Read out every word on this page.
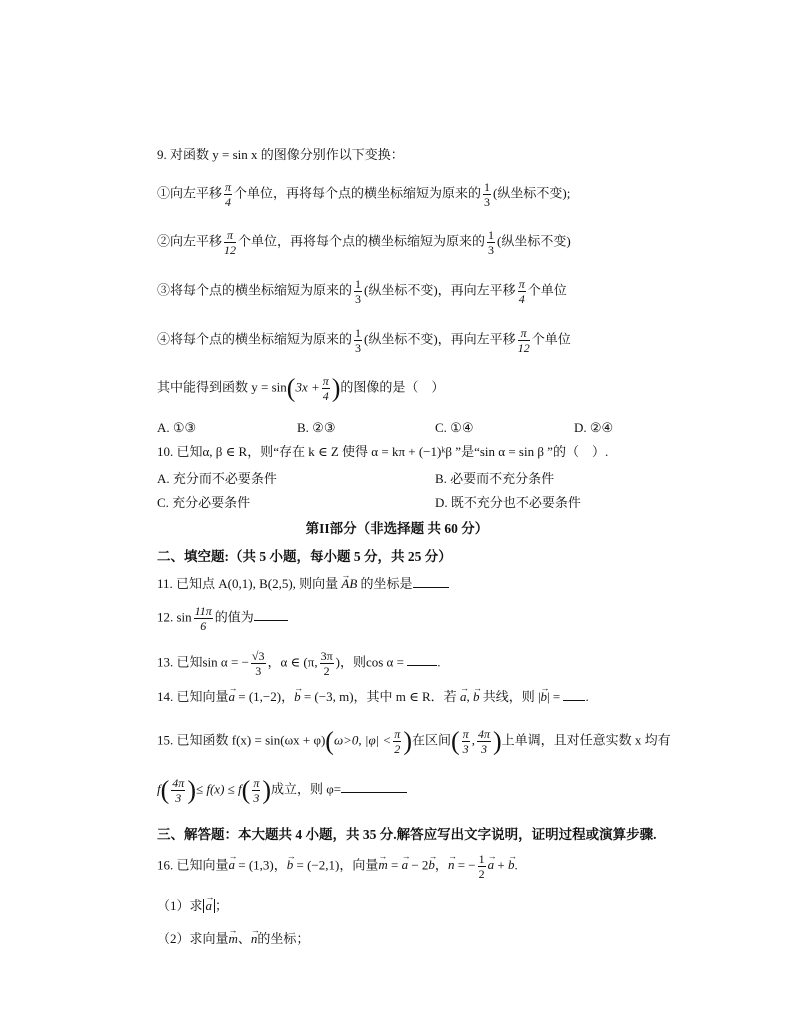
9. 对函数 y = sin x 的图像分别作以下变换：
①向左平移 $\frac{\pi}{4}$ 个单位，再将每个点的横坐标缩短为原来的 $\frac{1}{3}$ (纵坐标不变);
②向左平移 $\frac{\pi}{12}$ 个单位，再将每个点的横坐标缩短为原来的 $\frac{1}{3}$ (纵坐标不变)
③将每个点的横坐标缩短为原来的 $\frac{1}{3}$ (纵坐标不变)，再向左平移 $\frac{\pi}{4}$ 个单位
④将每个点的横坐标缩短为原来的 $\frac{1}{3}$ (纵坐标不变)，再向左平移 $\frac{\pi}{12}$ 个单位
其中能得到函数 $y = \sin(3x + \frac{\pi}{4}$ )的图像的是（　）
A. ①③	B. ②③	C. ①④	D. ②④
10. 已知α, β ∈ R，则“存在 k ∈ Z 使得 α = kπ + (−1)ᵏβ ”是“sin α = sin β ”的（　）.
A. 充分而不必要条件	B. 必要而不充分条件
C. 充分必要条件	D. 既不充分也不必要条件
第II部分（非选择题 共 60 分）
二、填空题:（共 5 小题，每小题 5 分，共 25 分）
11. 已知点 A(0,1), B(2,5), 则向量 → AB 的坐标是
12. $\sin \frac{11\pi}{6}$ 的值为
13. 已知sin α = − $\frac{√3}{3}$ ，α ∈ (π, $\frac{3\pi}{2}$ )，则cos α =	.
14. 已知向量→ a = (1,−2)，→ b = (−3, m)，其中 m ∈ R．若 → a, → b 共线，则 |→ b| = .
15. 已知函数 f(x) = sin(ωx + φ)(ω>0, $|\varphi| < \frac{\pi}{2}$ )在区间( $\frac{\pi}{3}$ , $\frac{4\pi}{3}$ )上单调，且对任意实数 x 均有
$f( \frac{4\pi}{3}$ )≤ $f(x) \le f( \frac{\pi}{3}$ )成立，则 φ=
三、解答题：本大题共 4 小题，共 35 分.解答应写出文字说明，证明过程或演算步骤.
16. 已知向量→ a = (1,3)，→ b = (−2,1)，向量→ m = → a − 2→ b，→ n = − $\frac{1}{2}$
→ a + → b.
（1）求→ a ；
（2）求向量→ m、→ n的坐标；
